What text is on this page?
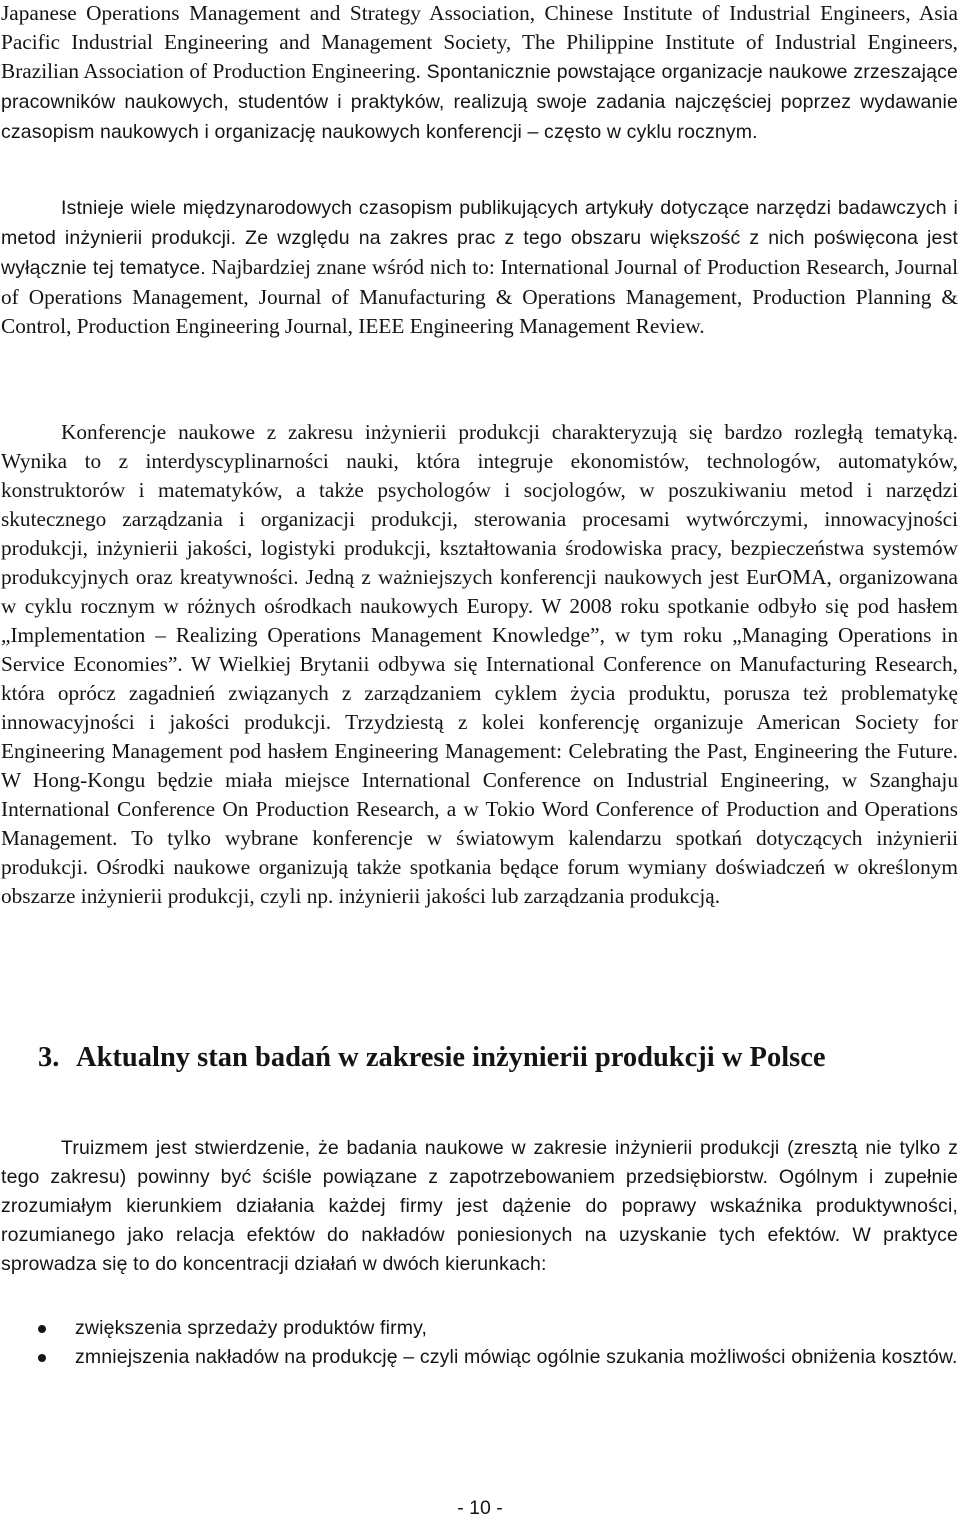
Japanese Operations Management and Strategy Association, Chinese Institute of Industrial Engineers, Asia Pacific Industrial Engineering and Management Society, The Philippine Institute of Industrial Engineers, Brazilian Association of Production Engineering. Spontanicznie powstające organizacje naukowe zrzeszające pracowników naukowych, studentów i praktyków, realizują swoje zadania najczęściej poprzez wydawanie czasopism naukowych i organizację naukowych konferencji – często w cyklu rocznym.

Istnieje wiele międzynarodowych czasopism publikujących artykuły dotyczące narzędzi badawczych i metod inżynierii produkcji. Ze względu na zakres prac z tego obszaru większość z nich poświęcona jest wyłącznie tej tematyce. Najbardziej znane wśród nich to: International Journal of Production Research, Journal of Operations Management, Journal of Manufacturing & Operations Management, Production Planning & Control, Production Engineering Journal, IEEE Engineering Management Review.

Konferencje naukowe z zakresu inżynierii produkcji charakteryzują się bardzo rozległą tematyką. Wynika to z interdyscyplinarności nauki, która integruje ekonomistów, technologów, automatyków, konstruktorów i matematyków, a także psychologów i socjologów, w poszukiwaniu metod i narzędzi skutecznego zarządzania i organizacji produkcji, sterowania procesami wytwórczymi, innowacyjności produkcji, inżynierii jakości, logistyki produkcji, kształtowania środowiska pracy, bezpieczeństwa systemów produkcyjnych oraz kreatywności. Jedną z ważniejszych konferencji naukowych jest EurOMA, organizowana w cyklu rocznym w różnych ośrodkach naukowych Europy. W 2008 roku spotkanie odbyło się pod hasłem „Implementation – Realizing Operations Management Knowledge”, w tym roku „Managing Operations in Service Economies”. W Wielkiej Brytanii odbywa się International Conference on Manufacturing Research, która oprócz zagadnień związanych z zarządzaniem cyklem życia produktu, porusza też problematykę innowacyjności i jakości produkcji. Trzydziestą z kolei konferencję organizuje American Society for Engineering Management pod hasłem Engineering Management: Celebrating the Past, Engineering the Future. W Hong-Kongu będzie miała miejsce International Conference on Industrial Engineering, w Szanghaju International Conference On Production Research, a w Tokio Word Conference of Production and Operations Management. To tylko wybrane konferencje w światowym kalendarzu spotkań dotyczących inżynierii produkcji. Ośrodki naukowe organizują także spotkania będące forum wymiany doświadczeń w określonym obszarze inżynierii produkcji, czyli np. inżynierii jakości lub zarządzania produkcją.

3. Aktualny stan badań w zakresie inżynierii produkcji w Polsce

Truizmem jest stwierdzenie, że badania naukowe w zakresie inżynierii produkcji (zresztą nie tylko z tego zakresu) powinny być ściśle powiązane z zapotrzebowaniem przedsiębiorstw. Ogólnym i zupełnie zrozumiałym kierunkiem działania każdej firmy jest dążenie do poprawy wskaźnika produktywności, rozumianego jako relacja efektów do nakładów poniesionych na uzyskanie tych efektów. W praktyce sprowadza się to do koncentracji działań w dwóch kierunkach:

zwiększenia sprzedaży produktów firmy,
zmniejszenia nakładów na produkcję – czyli mówiąc ogólnie szukania możliwości obniżenia kosztów.

- 10 -
